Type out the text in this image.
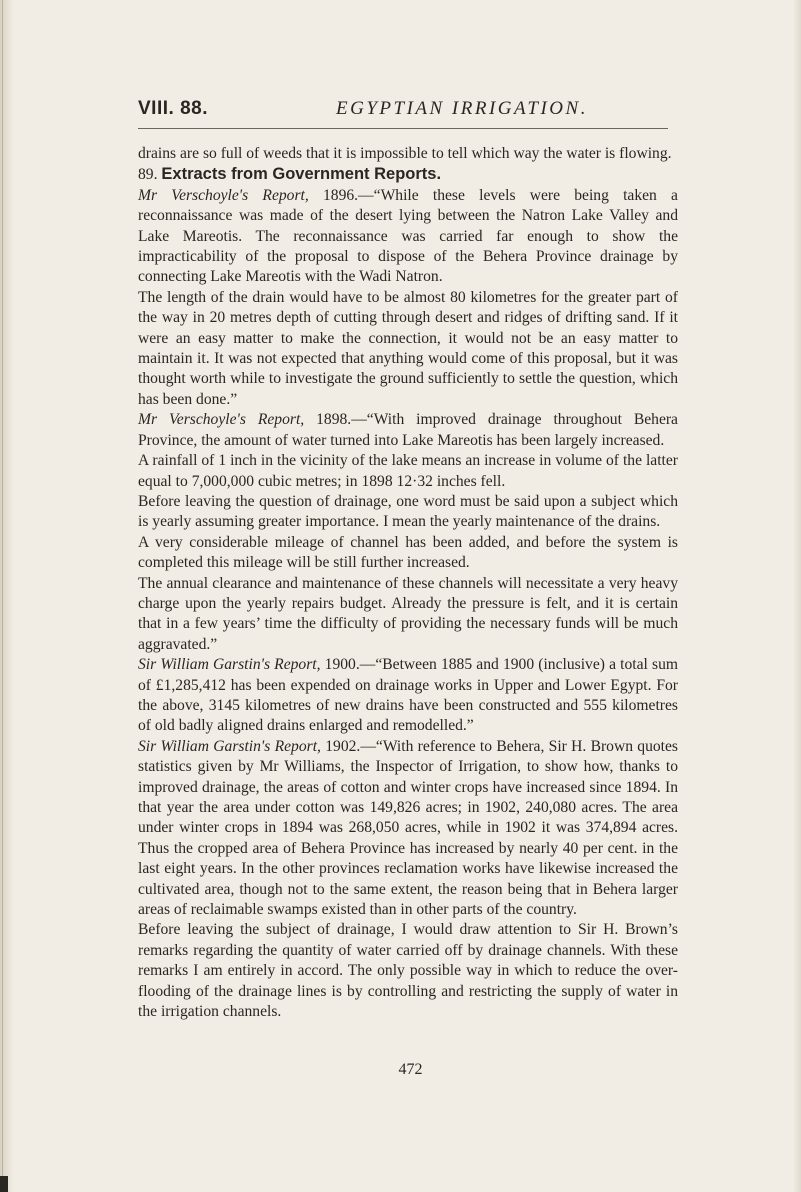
VIII. 88.	EGYPTIAN IRRIGATION.

drains are so full of weeds that it is impossible to tell which way the water is flowing.

89. Extracts from Government Reports.

Mr Verschoyle's Report, 1896.—“While these levels were being taken a reconnaissance was made of the desert lying between the Natron Lake Valley and Lake Mareotis. The reconnaissance was carried far enough to show the impracticability of the proposal to dispose of the Behera Province drainage by connecting Lake Mareotis with the Wadi Natron.

The length of the drain would have to be almost 80 kilometres for the greater part of the way in 20 metres depth of cutting through desert and ridges of drifting sand. If it were an easy matter to make the connection, it would not be an easy matter to maintain it. It was not expected that anything would come of this proposal, but it was thought worth while to investigate the ground sufficiently to settle the question, which has been done.”

Mr Verschoyle's Report, 1898.—“With improved drainage throughout Behera Province, the amount of water turned into Lake Mareotis has been largely increased.

A rainfall of 1 inch in the vicinity of the lake means an increase in volume of the latter equal to 7,000,000 cubic metres; in 1898 12·32 inches fell.

Before leaving the question of drainage, one word must be said upon a subject which is yearly assuming greater importance. I mean the yearly maintenance of the drains.

A very considerable mileage of channel has been added, and before the system is completed this mileage will be still further increased.

The annual clearance and maintenance of these channels will necessitate a very heavy charge upon the yearly repairs budget. Already the pressure is felt, and it is certain that in a few years’ time the difficulty of providing the necessary funds will be much aggravated.”

Sir William Garstin's Report, 1900.—“Between 1885 and 1900 (inclusive) a total sum of £1,285,412 has been expended on drainage works in Upper and Lower Egypt. For the above, 3145 kilometres of new drains have been constructed and 555 kilometres of old badly aligned drains enlarged and remodelled.”

Sir William Garstin's Report, 1902.—“With reference to Behera, Sir H. Brown quotes statistics given by Mr Williams, the Inspector of Irrigation, to show how, thanks to improved drainage, the areas of cotton and winter crops have increased since 1894. In that year the area under cotton was 149,826 acres; in 1902, 240,080 acres. The area under winter crops in 1894 was 268,050 acres, while in 1902 it was 374,894 acres. Thus the cropped area of Behera Province has increased by nearly 40 per cent. in the last eight years. In the other provinces reclamation works have likewise increased the cultivated area, though not to the same extent, the reason being that in Behera larger areas of reclaimable swamps existed than in other parts of the country.

Before leaving the subject of drainage, I would draw attention to Sir H. Brown’s remarks regarding the quantity of water carried off by drainage channels. With these remarks I am entirely in accord. The only possible way in which to reduce the over-flooding of the drainage lines is by controlling and restricting the supply of water in the irrigation channels.

472
